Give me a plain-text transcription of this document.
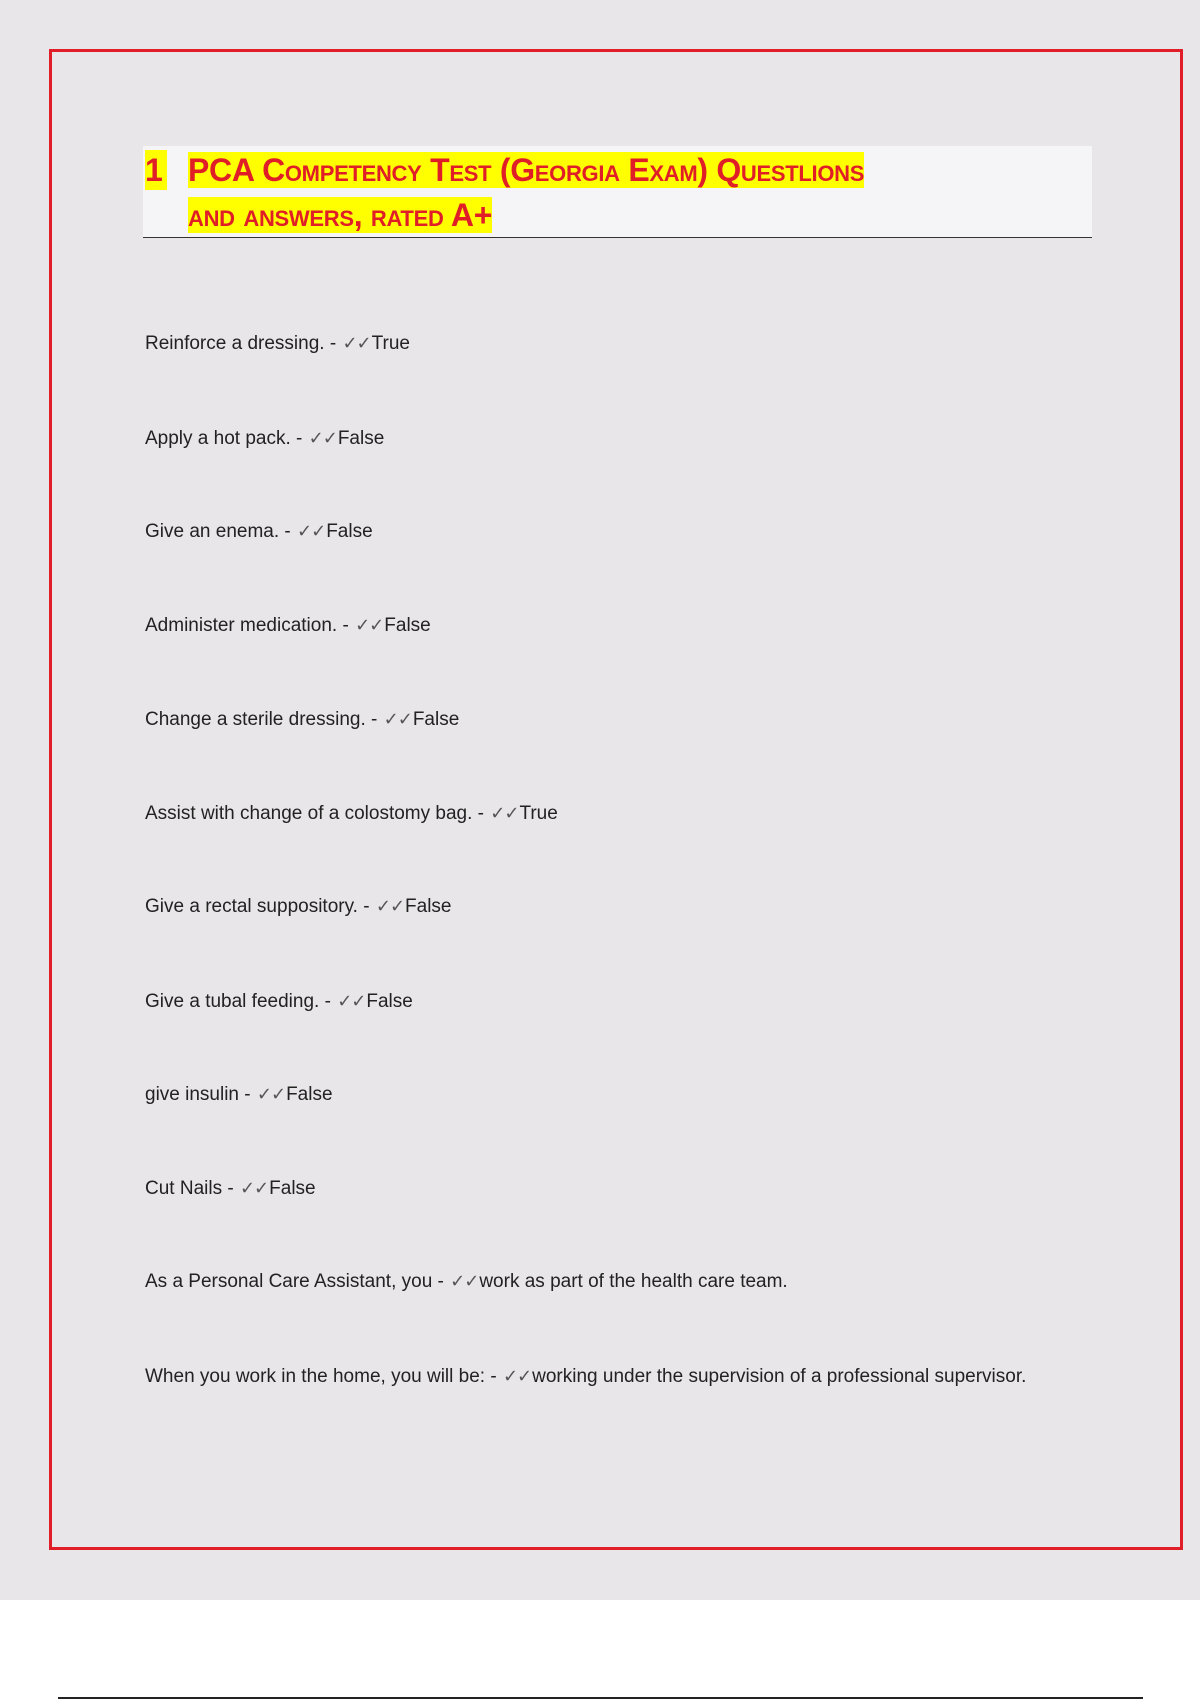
1 PCA Competency Test (Georgia Exam) Questlions
and answers, rated A+
Reinforce a dressing. - ✓✓True
Apply a hot pack. - ✓✓False
Give an enema. - ✓✓False
Administer medication. - ✓✓False
Change a sterile dressing. - ✓✓False
Assist with change of a colostomy bag. - ✓✓True
Give a rectal suppository. - ✓✓False
Give a tubal feeding. - ✓✓False
give insulin - ✓✓False
Cut Nails - ✓✓False
As a Personal Care Assistant, you - ✓✓work as part of the health care team.
When you work in the home, you will be: - ✓✓working under the supervision of a professional supervisor.
